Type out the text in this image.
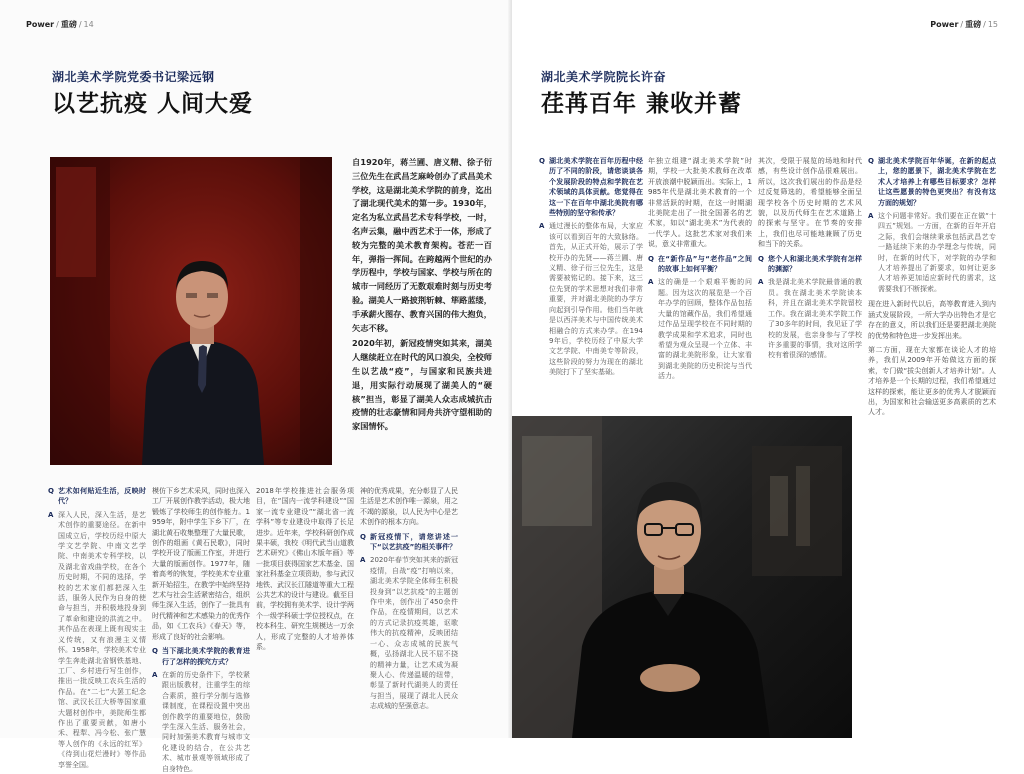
Power / 重磅 / 14
湖北美术学院党委书记梁远钢
以艺抗疫 人间大爱

自1920年，蒋兰圃、唐义精、徐子衍三位先生在武昌芝麻岭创办了武昌美术学校，这是湖北美术学院的前身，迄出了湖北现代美术的第一步。1930年，定名为私立武昌艺术专科学校，一时，名声云集，融中西艺术于一体，形成了较为完整的美术教育架构。苍茫一百年，弹指一挥间。在跨越两个世纪的办学历程中，学校与国家、学校与所在的城市一同经历了无数艰难时刻与历史考验。湖美人一路披荆斩棘、筚路蓝缕，手承薪火图存、教育兴国的伟大抱负，矢志不移。

2020年初，新冠疫情突如其来，湖美人继续赶立在时代的风口浪尖，全校师生以艺战“疫”，与国家和民族共进退，用实际行动展现了湖美人的“硬核”担当，彰显了湖美人众志成城抗击疫情的壮志豪情和同舟共济守望相助的家国情怀。

Q 艺术如何贴近生活，反映时代？
A 深入人民，深入生活，是艺术创作的重要途径。在新中国成立后，学校历经中原大学文艺学院、中南文艺学院、中南美术专科学校，以及湖北省戏曲学校，在各个历史时期，不同的选择，学校的艺术家们都把深入生活，服务人民作为自身的使命与担当，并积极地投身到了革命和建设的洪流之中。其作品在表现上既有现实主义传统，又有浪漫主义情怀。1958年，学校美术专业学生奔赴湖北省钢铁基地、工厂、乡村进行写生创作，推出一批反映工农兵生活的作品。在“二七”大罢工纪念馆、武汉长江大桥等国家重大题材创作中，美院师生都作出了重要贡献，如唐小禾、程犁、冯今松、张广慧等人创作的《永远的红军》《待到山花烂漫时》等作品享誉全国。

模仿下乡艺术采风，同时也深入工厂开展创作教学活动，极大地锻炼了学校师生的创作能力。1959年，附中学生下乡下厂，在湖北黄石收集整理了大量民歌，创作的组画《黄石民歌》，同时学校开设了版画工作室，并进行大量的版画创作。1977年，随着高考的恢复，学校美术专业重新开始招生，在教学中始终坚持艺术与社会生活紧密结合，组织师生深入生活，创作了一批具有时代精神和艺术感染力的优秀作品，如《工农兵》《春天》等，形成了良好的社会影响。

Q 当下湖北美术学院的教育进行了怎样的探究方式？
A 在新的历史条件下，学校紧跟出版教材，注重学生的综合素质，推行学分制与选修课制度，在课程设置中突出创作教学的重要地位，鼓励学生深入生活、服务社会，同时加强美术教育与城市文化建设的结合，在公共艺术、城市景观等领域形成了自身特色。

2018年学校推进社会服务项目，在“国内一流学科建设”“国家一流专业建设”“湖北省一流学科”等专业建设中取得了长足进步。近年来，学校科研创作成果丰硕，我校《明代武当山道教艺术研究》《佛山木版年画》等一批项目获得国家艺术基金、国家社科基金立项资助，参与武汉地铁、武汉长江隧道等重大工程公共艺术的设计与建设。截至目前，学校拥有美术学、设计学两个一级学科硕士学位授权点，在校本科生、研究生规模达一万余人，形成了完整的人才培养体系。

神的优秀成果，充分彰显了人民生活是艺术创作唯一源泉，用之不竭的源泉，以人民为中心是艺术创作的根本方向。

Q 新冠疫情下，请您讲述一下“以艺抗疫”的相关事件？
A 2020年春节突如其来的新冠疫情，自战“疫”打响以来，湖北美术学院全体师生积极投身到“以艺抗疫”的主题创作中来，创作出了450余件作品，在疫情期间，以艺术的方式记录抗疫英雄，讴歌伟大的抗疫精神，反映团结一心、众志成城的民族气概，弘扬湖北人民不屈不挠的精神力量，让艺术成为凝聚人心、传递温暖的纽带，彰显了新时代湖美人的责任与担当，展现了湖北人民众志成城的坚强意志。
Power / 重磅 / 15
湖北美术学院院长许奋
荏苒百年 兼收并蓄
Q 湖北美术学院在百年历程中经历了不同的阶段，请您谈谈各个发展阶段的特点和学院在艺术领域的具体贡献。您觉得在这一下在百年中湖北美院有哪些特别的坚守和传承？
A 通过漫长的整体布局，大家应该可以看到百年的大致脉络。首先，从正式开始，展示了学校开办的先贤——蒋兰圃、唐义精、徐子衍三位先生，这是需要被铭记的。接下来，这三位先贤的学术思想对我们非常重要，并对湖北美院的办学方向起到引导作用。他们当年就是以西洋美术与中国传统美术相融合的方式来办学。在1949年后，学校历经了中原大学文艺学院、中南美专等阶段，这些阶段的努力为现在的湖北美院打下了坚实基础。

年独立组建“湖北美术学院”时期，学校一大批美术教师在改革开放浪潮中脱颖而出。实际上，1985年代是湖北美术教育的一个非常活跃的时期，在这一时期湖北美院走出了一批全国著名的艺术家，如以“湖北美术”为代表的一代学人。这批艺术家对我们来说，意义非常重大。

Q 在“新作品”与“老作品”之间的故事上如何平衡？
A 这的确是一个艰难平衡的问题。因为这次的展览是一个百年办学的回顾，整体作品包括大量的馆藏作品，我们希望通过作品呈现学校在不同时期的教学成果和学术追求，同时也希望为观众呈现一个立体、丰富的湖北美院形象，让大家看到湖北美院的历史积淀与当代活力。

其次，受限于展览的场地和时代感，有些设计创作品很难展出。所以，这次我们展出的作品是经过反复筛选的，希望能够全面呈现学校各个历史时期的艺术风貌，以及历代师生在艺术道路上的探索与坚守。在节奏的安排上，我们也尽可能地兼顾了历史和当下的关系。

Q 您个人和湖北美术学院有怎样的渊源？
A 我是湖北美术学院最普通的教员。我在湖北美术学院读本科，并且在湖北美术学院留校工作。我在湖北美术学院工作了30多年的时间，我见证了学校的发展，也亲身参与了学校许多重要的事情，我对这所学校有着很深的感情。
Q 湖北美术学院百年华诞，在新的起点上，您的愿景下，湖北美术学院在艺术人才培养上有哪些目标要求？怎样让这些愿景的特色更突出？有没有这方面的规划？
A 这个问题非常好。我们要在正在做“十四五”规划。一方面，在新的百年开启之际，我们会继续秉承包括武昌艺专一路延续下来的办学理念与传统，同时，在新的时代下，对学院的办学和人才培养提出了新要求，如何让更多人才培养更加适应新时代的需求，这需要我们不断探索。

现在进入新时代以后，高等教育进入到内涵式发展阶段，一所大学办出特色才是它存在的意义，所以我们还是要把湖北美院的优势和特色进一步发挥出来。

第二方面，现在大家都在谈论人才的培养，我们从2009年开始做这方面的探索，专门做“拔尖创新人才培养计划”。人才培养是一个长期的过程，我们希望通过这样的探索，能让更多的优秀人才脱颖而出，为国家和社会输送更多高素质的艺术人才。
